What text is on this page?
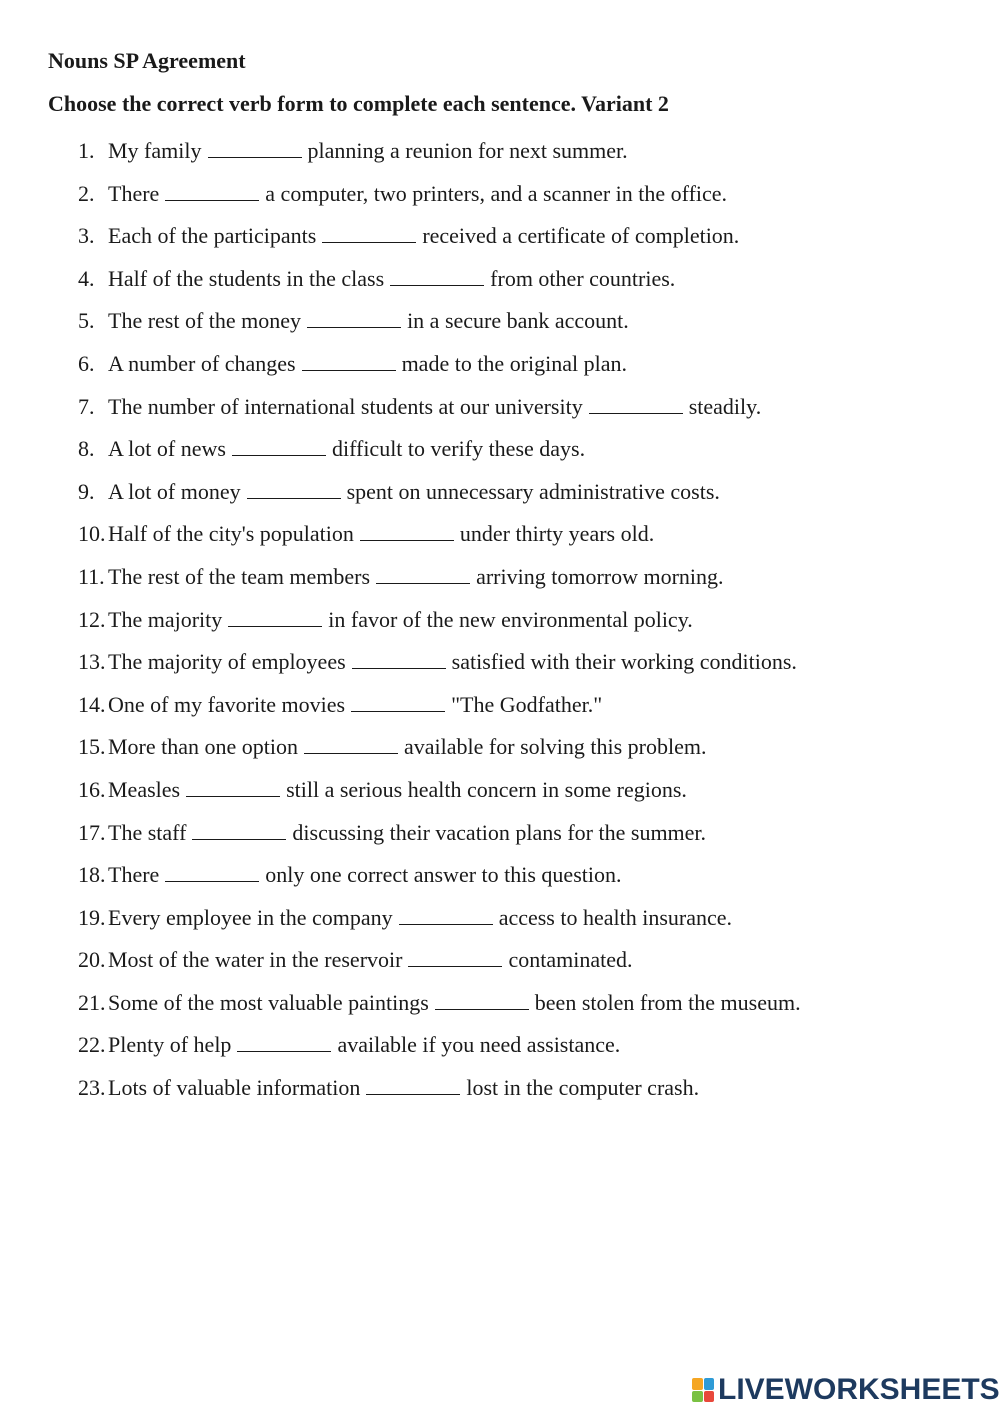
Nouns SP Agreement
Choose the correct verb form to complete each sentence. Variant 2
1. My family	planning a reunion for next summer.
2. There	a computer, two printers, and a scanner in the office.
3. Each of the participants	received a certificate of completion.
4. Half of the students in the class	from other countries.
5. The rest of the money	in a secure bank account.
6. A number of changes	made to the original plan.
7. The number of international students at our university	steadily.
8. A lot of news	difficult to verify these days.
9. A lot of money	spent on unnecessary administrative costs.
10. Half of the city's population	under thirty years old.
11. The rest of the team members	arriving tomorrow morning.
12. The majority	in favor of the new environmental policy.
13. The majority of employees	satisfied with their working conditions.
14. One of my favorite movies	"The Godfather."
15. More than one option	available for solving this problem.
16. Measles	still a serious health concern in some regions.
17. The staff	discussing their vacation plans for the summer.
18. There	only one correct answer to this question.
19. Every employee in the company	access to health insurance.
20. Most of the water in the reservoir	contaminated.
21. Some of the most valuable paintings	been stolen from the museum.
22. Plenty of help	available if you need assistance.
23. Lots of valuable information	lost in the computer crash.
LIVEWORKSHEETS
